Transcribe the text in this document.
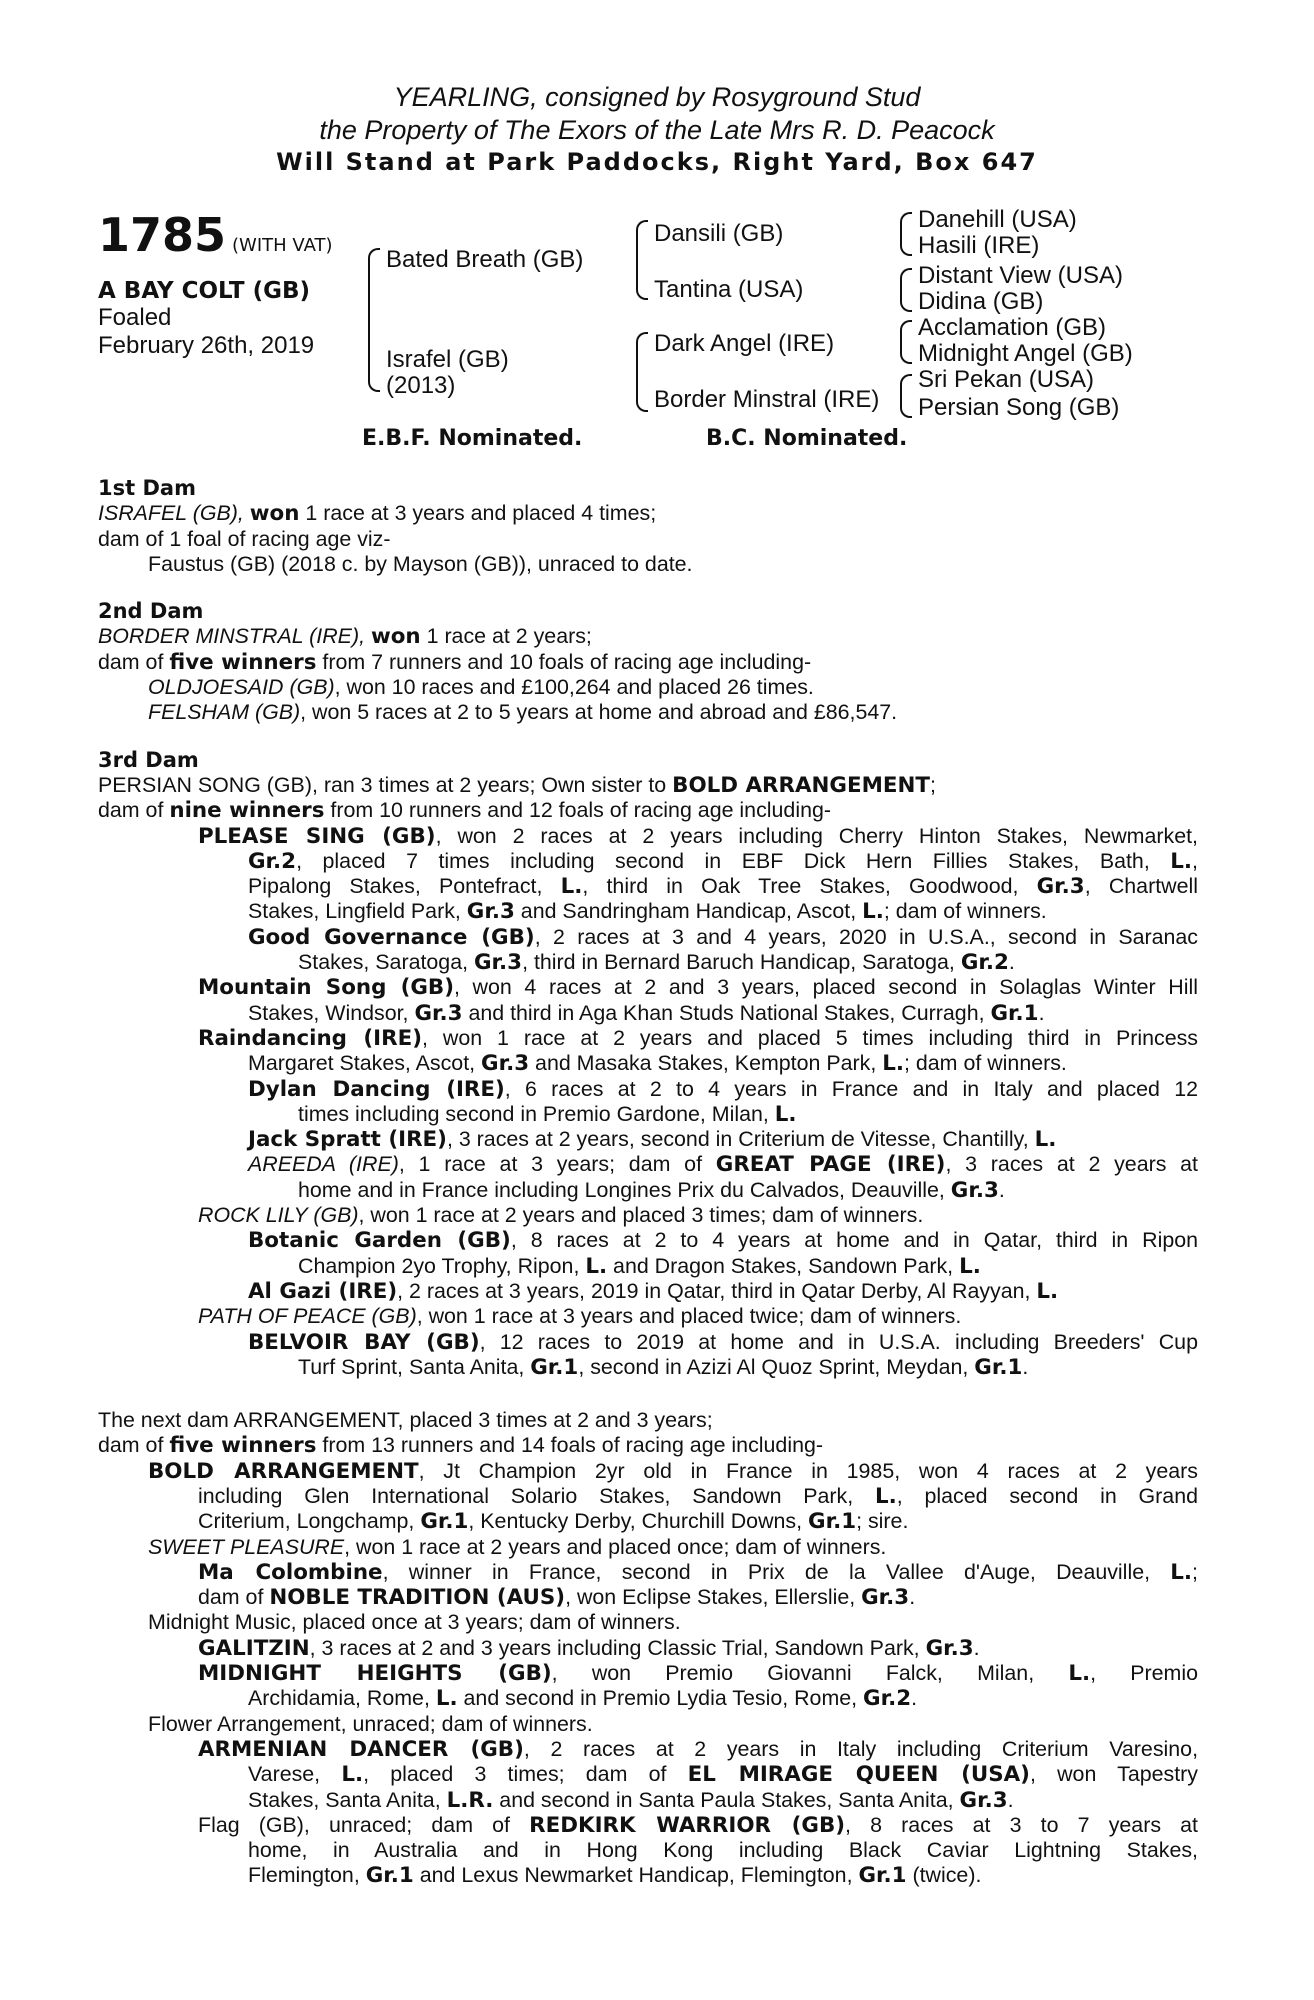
YEARLING, consigned by Rosyground Stud
the Property of The Exors of the Late Mrs R. D. Peacock
Will Stand at Park Paddocks, Right Yard, Box 647
1785 (WITH VAT)
A BAY COLT (GB)
Foaled
February 26th, 2019
Bated Breath (GB)
Israfel (GB)
(2013)
Dansili (GB)
Tantina (USA)
Dark Angel (IRE)
Border Minstral (IRE)
Danehill (USA)
Hasili (IRE)
Distant View (USA)
Didina (GB)
Acclamation (GB)
Midnight Angel (GB)
Sri Pekan (USA)
Persian Song (GB)
E.B.F. Nominated.	B.C. Nominated.
1st Dam
ISRAFEL (GB), won 1 race at 3 years and placed 4 times;
dam of 1 foal of racing age viz-
Faustus (GB) (2018 c. by Mayson (GB)), unraced to date.
2nd Dam
BORDER MINSTRAL (IRE), won 1 race at 2 years;
dam of five winners from 7 runners and 10 foals of racing age including-
OLDJOESAID (GB), won 10 races and £100,264 and placed 26 times.
FELSHAM (GB), won 5 races at 2 to 5 years at home and abroad and £86,547.
3rd Dam
PERSIAN SONG (GB), ran 3 times at 2 years; Own sister to BOLD ARRANGEMENT;
dam of nine winners from 10 runners and 12 foals of racing age including-
PLEASE SING (GB), won 2 races at 2 years including Cherry Hinton Stakes, Newmarket,
Gr.2, placed 7 times including second in EBF Dick Hern Fillies Stakes, Bath, L.,
Pipalong Stakes, Pontefract, L., third in Oak Tree Stakes, Goodwood, Gr.3, Chartwell
Stakes, Lingfield Park, Gr.3 and Sandringham Handicap, Ascot, L.; dam of winners.
Good Governance (GB), 2 races at 3 and 4 years, 2020 in U.S.A., second in Saranac
Stakes, Saratoga, Gr.3, third in Bernard Baruch Handicap, Saratoga, Gr.2.
Mountain Song (GB), won 4 races at 2 and 3 years, placed second in Solaglas Winter Hill
Stakes, Windsor, Gr.3 and third in Aga Khan Studs National Stakes, Curragh, Gr.1.
Raindancing (IRE), won 1 race at 2 years and placed 5 times including third in Princess
Margaret Stakes, Ascot, Gr.3 and Masaka Stakes, Kempton Park, L.; dam of winners.
Dylan Dancing (IRE), 6 races at 2 to 4 years in France and in Italy and placed 12
times including second in Premio Gardone, Milan, L.
Jack Spratt (IRE), 3 races at 2 years, second in Criterium de Vitesse, Chantilly, L.
AREEDA (IRE), 1 race at 3 years; dam of GREAT PAGE (IRE), 3 races at 2 years at
home and in France including Longines Prix du Calvados, Deauville, Gr.3.
ROCK LILY (GB), won 1 race at 2 years and placed 3 times; dam of winners.
Botanic Garden (GB), 8 races at 2 to 4 years at home and in Qatar, third in Ripon
Champion 2yo Trophy, Ripon, L. and Dragon Stakes, Sandown Park, L.
Al Gazi (IRE), 2 races at 3 years, 2019 in Qatar, third in Qatar Derby, Al Rayyan, L.
PATH OF PEACE (GB), won 1 race at 3 years and placed twice; dam of winners.
BELVOIR BAY (GB), 12 races to 2019 at home and in U.S.A. including Breeders' Cup
Turf Sprint, Santa Anita, Gr.1, second in Azizi Al Quoz Sprint, Meydan, Gr.1.
The next dam ARRANGEMENT, placed 3 times at 2 and 3 years;
dam of five winners from 13 runners and 14 foals of racing age including-
BOLD ARRANGEMENT, Jt Champion 2yr old in France in 1985, won 4 races at 2 years
including Glen International Solario Stakes, Sandown Park, L., placed second in Grand
Criterium, Longchamp, Gr.1, Kentucky Derby, Churchill Downs, Gr.1; sire.
SWEET PLEASURE, won 1 race at 2 years and placed once; dam of winners.
Ma Colombine, winner in France, second in Prix de la Vallee d'Auge, Deauville, L.;
dam of NOBLE TRADITION (AUS), won Eclipse Stakes, Ellerslie, Gr.3.
Midnight Music, placed once at 3 years; dam of winners.
GALITZIN, 3 races at 2 and 3 years including Classic Trial, Sandown Park, Gr.3.
MIDNIGHT HEIGHTS (GB), won Premio Giovanni Falck, Milan, L., Premio
Archidamia, Rome, L. and second in Premio Lydia Tesio, Rome, Gr.2.
Flower Arrangement, unraced; dam of winners.
ARMENIAN DANCER (GB), 2 races at 2 years in Italy including Criterium Varesino,
Varese, L., placed 3 times; dam of EL MIRAGE QUEEN (USA), won Tapestry
Stakes, Santa Anita, L.R. and second in Santa Paula Stakes, Santa Anita, Gr.3.
Flag (GB), unraced; dam of REDKIRK WARRIOR (GB), 8 races at 3 to 7 years at
home, in Australia and in Hong Kong including Black Caviar Lightning Stakes,
Flemington, Gr.1 and Lexus Newmarket Handicap, Flemington, Gr.1 (twice).
